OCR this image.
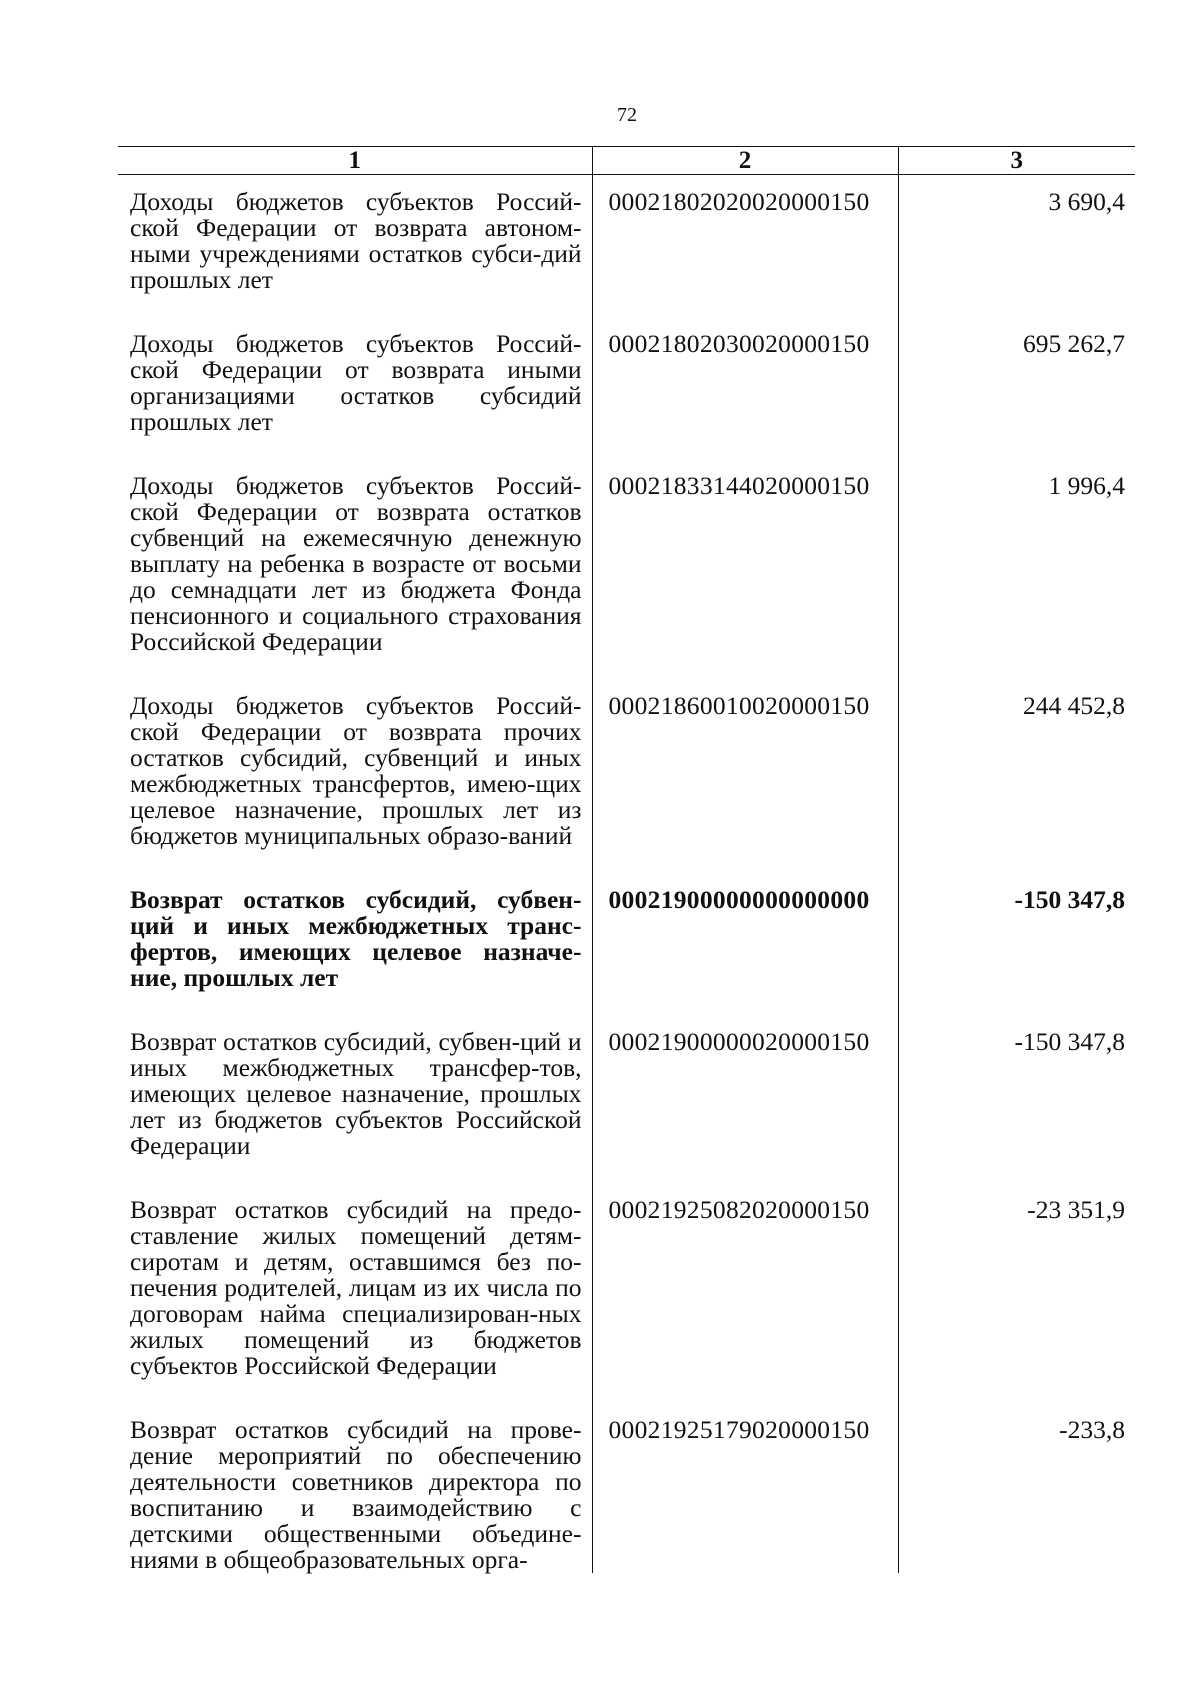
72
1	2	3
Доходы бюджетов субъектов Россий-ской Федерации от возврата автоном-ными учреждениями остатков субси-дий прошлых лет	00021802020020000150	3 690,4
Доходы бюджетов субъектов Россий-ской Федерации от возврата иными организациями остатков субсидий прошлых лет	00021802030020000150	695 262,7
Доходы бюджетов субъектов Россий-ской Федерации от возврата остатков субвенций на ежемесячную денежную выплату на ребенка в возрасте от восьми до семнадцати лет из бюджета Фонда пенсионного и социального страхования Российской Федерации	00021833144020000150	1 996,4
Доходы бюджетов субъектов Россий-ской Федерации от возврата прочих остатков субсидий, субвенций и иных межбюджетных трансфертов, имею-щих целевое назначение, прошлых лет из бюджетов муниципальных образо-ваний	00021860010020000150	244 452,8
Возврат остатков субсидий, субвен-ций и иных межбюджетных транс-фертов, имеющих целевое назначе-ние, прошлых лет	00021900000000000000	-150 347,8
Возврат остатков субсидий, субвен-ций и иных межбюджетных трансфер-тов, имеющих целевое назначение, прошлых лет из бюджетов субъектов Российской Федерации	00021900000020000150	-150 347,8
Возврат остатков субсидий на предо-ставление жилых помещений детям-сиротам и детям, оставшимся без по-печения родителей, лицам из их числа по договорам найма специализирован-ных жилых помещений из бюджетов субъектов Российской Федерации	00021925082020000150	-23 351,9
Возврат остатков субсидий на прове-дение мероприятий по обеспечению деятельности советников директора по воспитанию и взаимодействию с детскими общественными объедине-ниями в общеобразовательных орга-	00021925179020000150	-233,8
